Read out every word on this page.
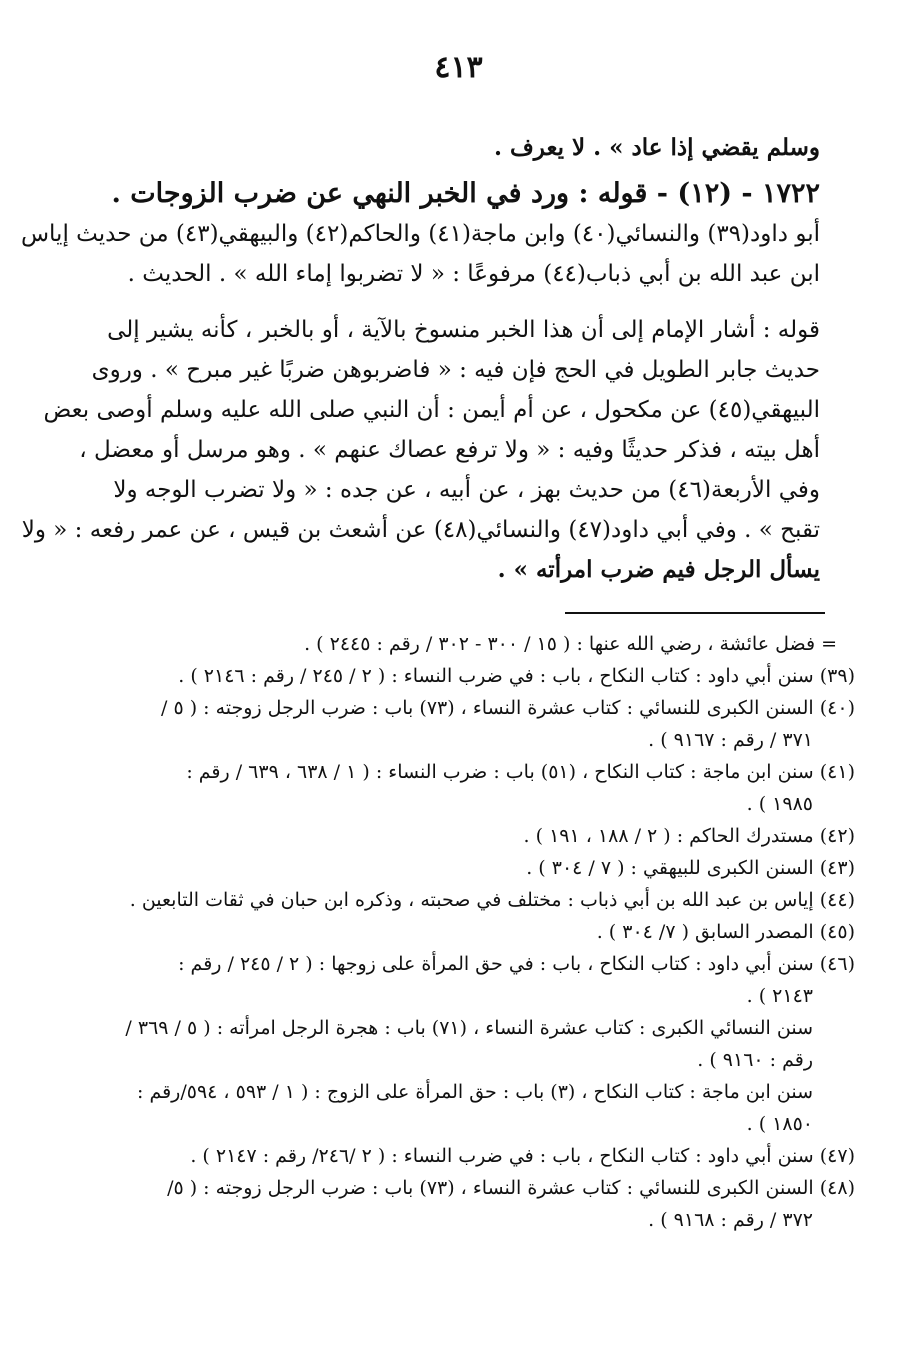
٤١٣
وسلم يقضي إذا عاد » . لا يعرف .
١٧٢٢ - (١٢) - قوله : ورد في الخبر النهي عن ضرب الزوجات .
أبو داود(٣٩) والنسائي(٤٠) وابن ماجة(٤١) والحاكم(٤٢) والبيهقي(٤٣) من حديث إياس
ابن عبد الله بن أبي ذباب(٤٤) مرفوعًا : « لا تضربوا إماء الله » . الحديث .
قوله : أشار الإمام إلى أن هذا الخبر منسوخ بالآية ، أو بالخبر ، كأنه يشير إلى
حديث جابر الطويل في الحج فإن فيه : « فاضربوهن ضربًا غير مبرح » . وروى
البيهقي(٤٥) عن مكحول ، عن أم أيمن : أن النبي صلى الله عليه وسلم أوصى بعض
أهل بيته ، فذكر حديثًا وفيه : « ولا ترفع عصاك عنهم » . وهو مرسل أو معضل ،
وفي الأربعة(٤٦) من حديث بهز ، عن أبيه ، عن جده : « ولا تضرب الوجه ولا
تقبح » . وفي أبي داود(٤٧) والنسائي(٤٨) عن أشعث بن قيس ، عن عمر رفعه : « ولا
يسأل الرجل فيم ضرب امرأته » .
= فضل عائشة ، رضي الله عنها : ( ١٥ / ٣٠٠ - ٣٠٢ / رقم : ٢٤٤٥ ) .
(٣٩) سنن أبي داود : كتاب النكاح ، باب : في ضرب النساء : ( ٢ / ٢٤٥ / رقم : ٢١٤٦ ) .
(٤٠) السنن الكبرى للنسائي : كتاب عشرة النساء ، (٧٣) باب : ضرب الرجل زوجته : ( ٥ /
٣٧١ / رقم : ٩١٦٧ ) .
(٤١) سنن ابن ماجة : كتاب النكاح ، (٥١) باب : ضرب النساء : ( ١ / ٦٣٨ ، ٦٣٩ / رقم :
١٩٨٥ ) .
(٤٢) مستدرك الحاكم : ( ٢ / ١٨٨ ، ١٩١ ) .
(٤٣) السنن الكبرى للبيهقي : ( ٧ / ٣٠٤ ) .
(٤٤) إياس بن عبد الله بن أبي ذباب : مختلف في صحبته ، وذكره ابن حبان في ثقات التابعين .
(٤٥) المصدر السابق ( ٧/ ٣٠٤ ) .
(٤٦) سنن أبي داود : كتاب النكاح ، باب : في حق المرأة على زوجها : ( ٢ / ٢٤٥ / رقم :
٢١٤٣ ) .
سنن النسائي الكبرى : كتاب عشرة النساء ، (٧١) باب : هجرة الرجل امرأته : ( ٥ / ٣٦٩ /
رقم : ٩١٦٠ ) .
سنن ابن ماجة : كتاب النكاح ، (٣) باب : حق المرأة على الزوج : ( ١ / ٥٩٣ ، ٥٩٤/رقم :
١٨٥٠ ) .
(٤٧) سنن أبي داود : كتاب النكاح ، باب : في ضرب النساء : ( ٢ /٢٤٦/ رقم : ٢١٤٧ ) .
(٤٨) السنن الكبرى للنسائي : كتاب عشرة النساء ، (٧٣) باب : ضرب الرجل زوجته : ( ٥/
٣٧٢ / رقم : ٩١٦٨ ) .
